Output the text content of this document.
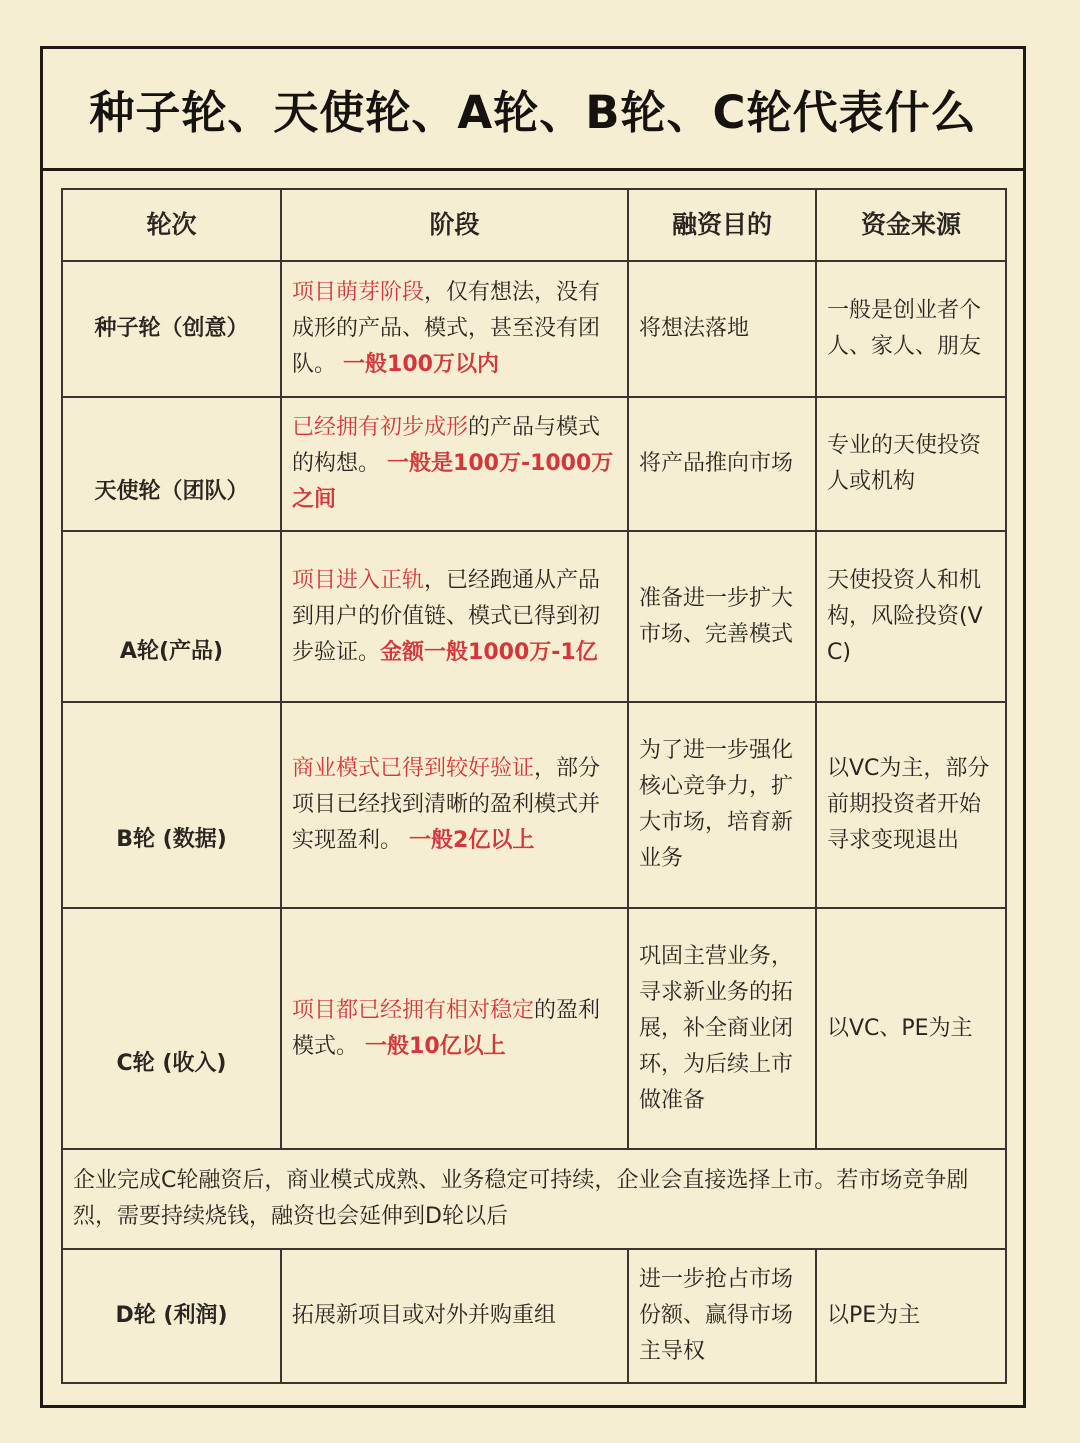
种子轮、天使轮、A轮、B轮、C轮代表什么
轮次	阶段	融资目的	资金来源
种子轮（创意）	项目萌芽阶段，仅有想法，没有成形的产品、模式，甚至没有团队。 一般100万以内	将想法落地	一般是创业者个人、家人、朋友
天使轮（团队）	已经拥有初步成形的产品与模式的构想。 一般是100万-1000万之间	将产品推向市场	专业的天使投资人或机构
A轮(产品)	项目进入正轨，已经跑通从产品到用户的价值链、模式已得到初步验证。金额一般1000万-1亿	准备进一步扩大市场、完善模式	天使投资人和机构，风险投资(VC)
B轮 (数据)	商业模式已得到较好验证，部分项目已经找到清晰的盈利模式并实现盈利。 一般2亿以上	为了进一步强化核心竞争力，扩大市场，培育新业务	以VC为主，部分前期投资者开始寻求变现退出
C轮 (收入)	项目都已经拥有相对稳定的盈利模式。 一般10亿以上	巩固主营业务，寻求新业务的拓展，补全商业闭环，为后续上市做准备	以VC、PE为主
企业完成C轮融资后，商业模式成熟、业务稳定可持续，企业会直接选择上市。若市场竞争剧烈，需要持续烧钱，融资也会延伸到D轮以后			
D轮 (利润)	拓展新项目或对外并购重组	进一步抢占市场份额、赢得市场主导权	以PE为主
